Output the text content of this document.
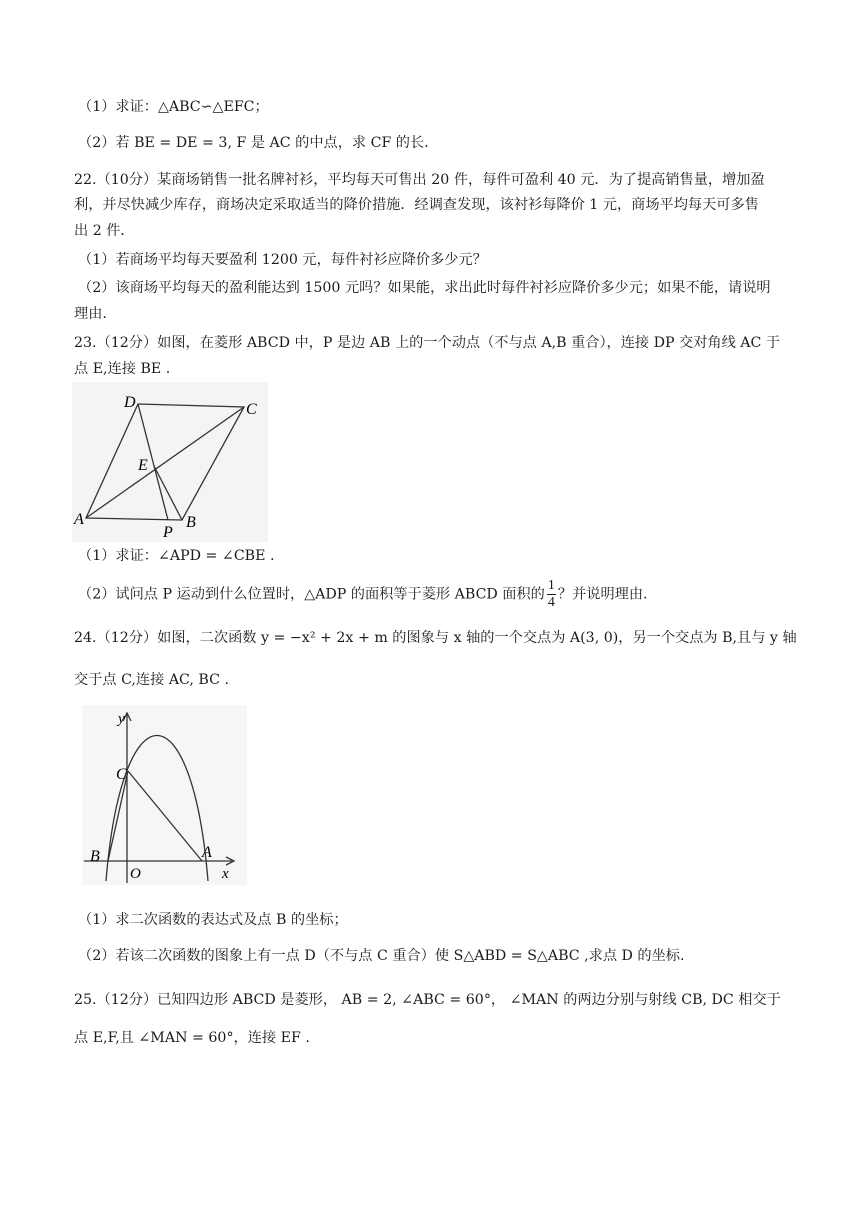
（1）求证：△ABC∽△EFC；
（2）若 BE = DE = 3, F 是 AC 的中点，求 CF 的长.
22.（10分）某商场销售一批名牌衬衫，平均每天可售出 20 件，每件可盈利 40 元．为了提高销售量，增加盈
利，并尽快减少库存，商场决定采取适当的降价措施．经调查发现，该衬衫每降价 1 元，商场平均每天可多售
出 2 件．
（1）若商场平均每天要盈利 1200 元，每件衬衫应降价多少元？
（2）该商场平均每天的盈利能达到 1500 元吗？如果能，求出此时每件衬衫应降价多少元；如果不能，请说明
理由.
23.（12分）如图，在菱形 ABCD 中，P 是边 AB 上的一个动点（不与点 A,B 重合），连接 DP 交对角线 AC 于
点 E,连接 BE .
D	C
E
A
P
B
（1）求证：∠APD = ∠CBE .
（2）试问点 P 运动到什么位置时，△ADP 的面积等于菱形 ABCD 面积的 $\frac{1}{4}$ ？并说明理由.
24.（12分）如图，二次函数 y = −x² + 2x + m 的图象与 x 轴的一个交点为 A(3, 0)，另一个交点为 B,且与 y 轴
交于点 C,连接 AC, BC .
y
x
C
B
O
A
（1）求二次函数的表达式及点 B 的坐标；
（2）若该二次函数的图象上有一点 D（不与点 C 重合）使 S△ABD = S△ABC ,求点 D 的坐标.
25.（12分）已知四边形 ABCD 是菱形， AB = 2, ∠ABC = 60°， ∠MAN 的两边分别与射线 CB, DC 相交于
点 E,F,且 ∠MAN = 60°，连接 EF .
